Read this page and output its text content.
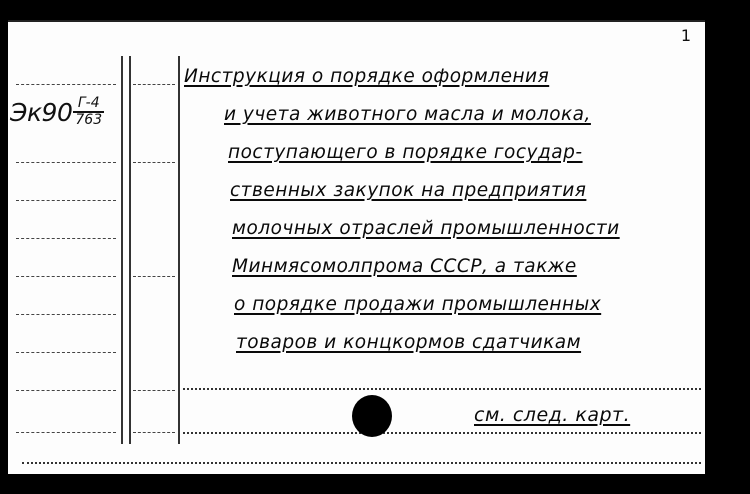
1
$Эк90 \frac{Г-4}{763}$
Инструкция о порядке оформления
и учета животного масла и молока,
поступающего в порядке государ-
ственных закупок на предприятия
молочных отраслей промышленности
Минмясомолпрома СССР, а также
о порядке продажи промышленных
товаров и концкормов сдатчикам
см. след. карт.
